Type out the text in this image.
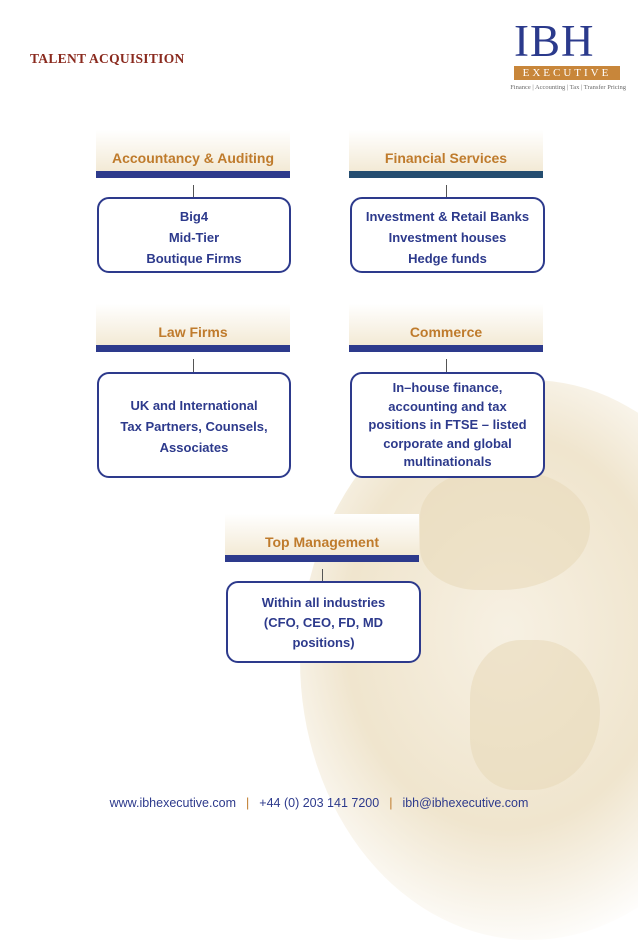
TALENT ACQUISITION	IBH
EXECUTIVE
Finance | Accounting | Tax | Transfer Pricing
Accountancy & Auditing
Big4
Mid-Tier
Boutique Firms
Financial Services
Investment & Retail Banks
Investment houses
Hedge funds
Law Firms
UK and International
Tax Partners, Counsels,
Associates
Commerce
In–house finance,
accounting and tax
positions in FTSE – listed
corporate and global
multinationals
Top Management
Within all industries
(CFO, CEO, FD, MD
positions)
www.ibhexecutive.com | +44 (0) 203 141 7200 | ibh@ibhexecutive.com
